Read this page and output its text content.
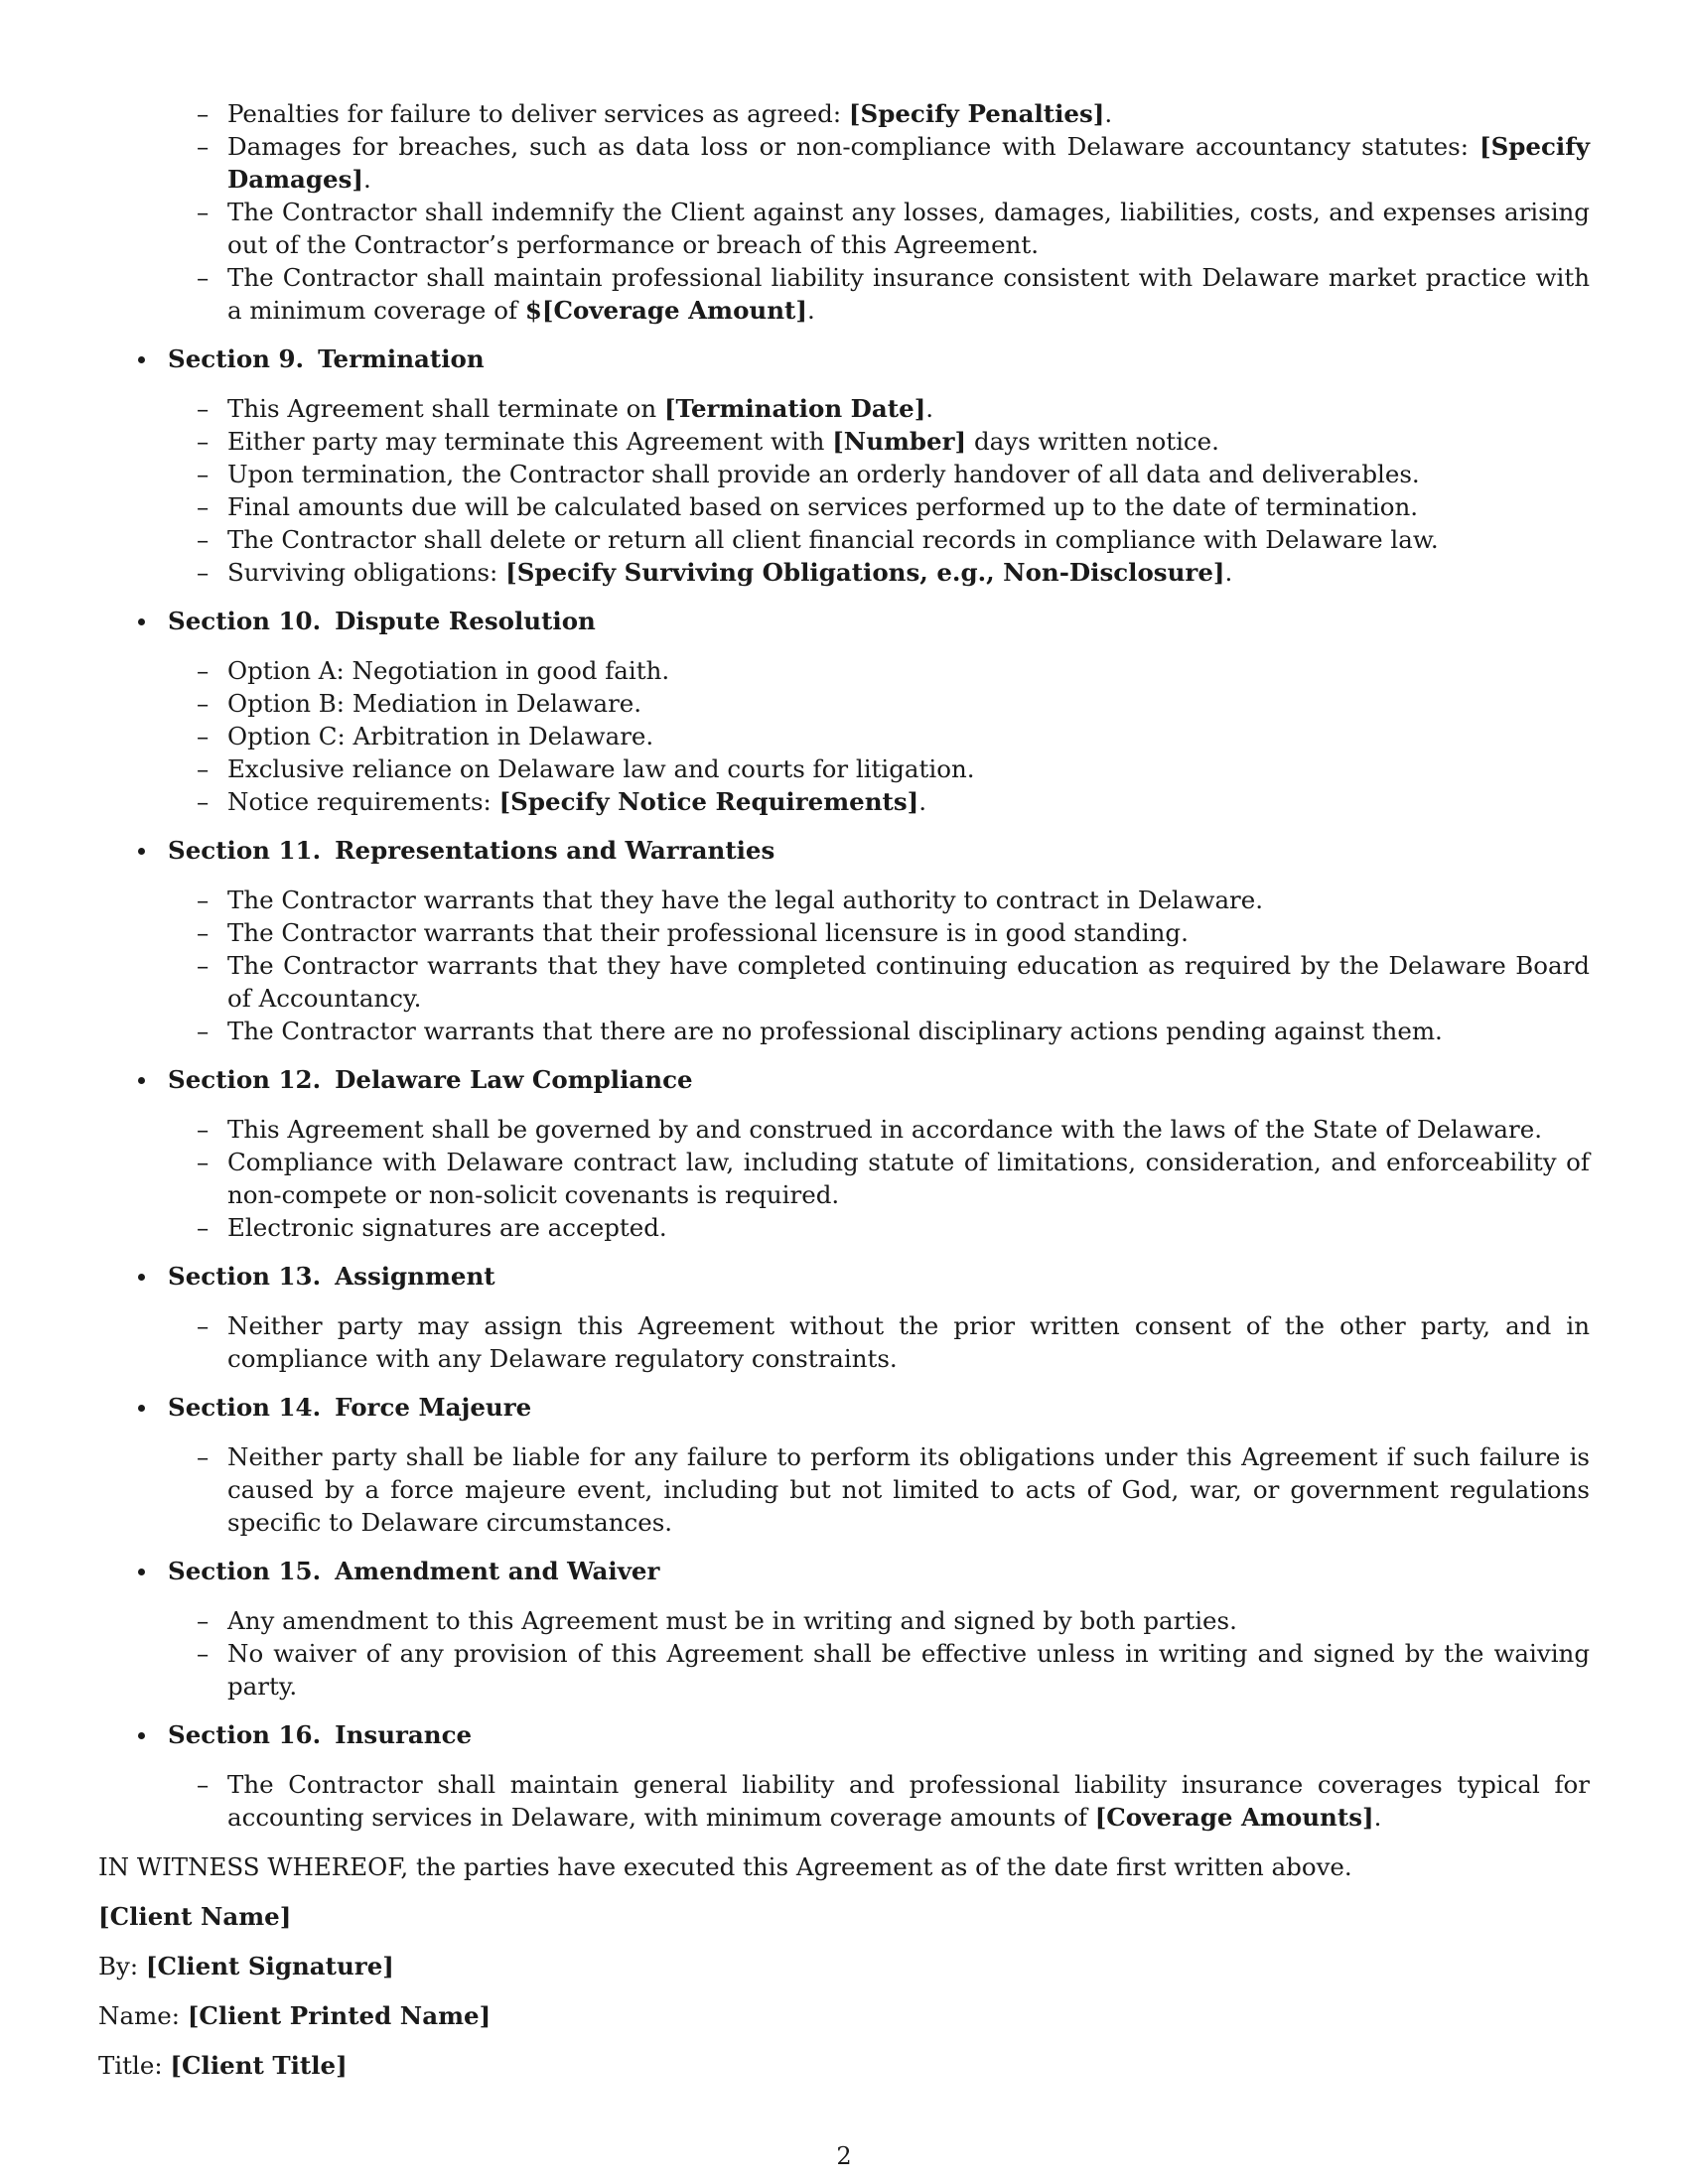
– Penalties for failure to deliver services as agreed: [Specify Penalties].
– Damages for breaches, such as data loss or non-compliance with Delaware accountancy statutes: [Specify Damages].
– The Contractor shall indemnify the Client against any losses, damages, liabilities, costs, and expenses arising out of the Contractor’s performance or breach of this Agreement.
– The Contractor shall maintain professional liability insurance consistent with Delaware market practice with a minimum coverage of $[Coverage Amount].
Section 9. Termination
– This Agreement shall terminate on [Termination Date].
– Either party may terminate this Agreement with [Number] days written notice.
– Upon termination, the Contractor shall provide an orderly handover of all data and deliverables.
– Final amounts due will be calculated based on services performed up to the date of termination.
– The Contractor shall delete or return all client financial records in compliance with Delaware law.
– Surviving obligations: [Specify Surviving Obligations, e.g., Non-Disclosure].
Section 10. Dispute Resolution
– Option A: Negotiation in good faith.
– Option B: Mediation in Delaware.
– Option C: Arbitration in Delaware.
– Exclusive reliance on Delaware law and courts for litigation.
– Notice requirements: [Specify Notice Requirements].
Section 11. Representations and Warranties
– The Contractor warrants that they have the legal authority to contract in Delaware.
– The Contractor warrants that their professional licensure is in good standing.
– The Contractor warrants that they have completed continuing education as required by the Delaware Board of Accountancy.
– The Contractor warrants that there are no professional disciplinary actions pending against them.
Section 12. Delaware Law Compliance
– This Agreement shall be governed by and construed in accordance with the laws of the State of Delaware.
– Compliance with Delaware contract law, including statute of limitations, consideration, and enforceability of non-compete or non-solicit covenants is required.
– Electronic signatures are accepted.
Section 13. Assignment
– Neither party may assign this Agreement without the prior written consent of the other party, and in compliance with any Delaware regulatory constraints.
Section 14. Force Majeure
– Neither party shall be liable for any failure to perform its obligations under this Agreement if such failure is caused by a force majeure event, including but not limited to acts of God, war, or government regulations specific to Delaware circumstances.
Section 15. Amendment and Waiver
– Any amendment to this Agreement must be in writing and signed by both parties.
– No waiver of any provision of this Agreement shall be effective unless in writing and signed by the waiving party.
Section 16. Insurance
– The Contractor shall maintain general liability and professional liability insurance coverages typical for accounting services in Delaware, with minimum coverage amounts of [Coverage Amounts].

IN WITNESS WHEREOF, the parties have executed this Agreement as of the date first written above.

[Client Name]

By: [Client Signature]

Name: [Client Printed Name]

Title: [Client Title]

2
